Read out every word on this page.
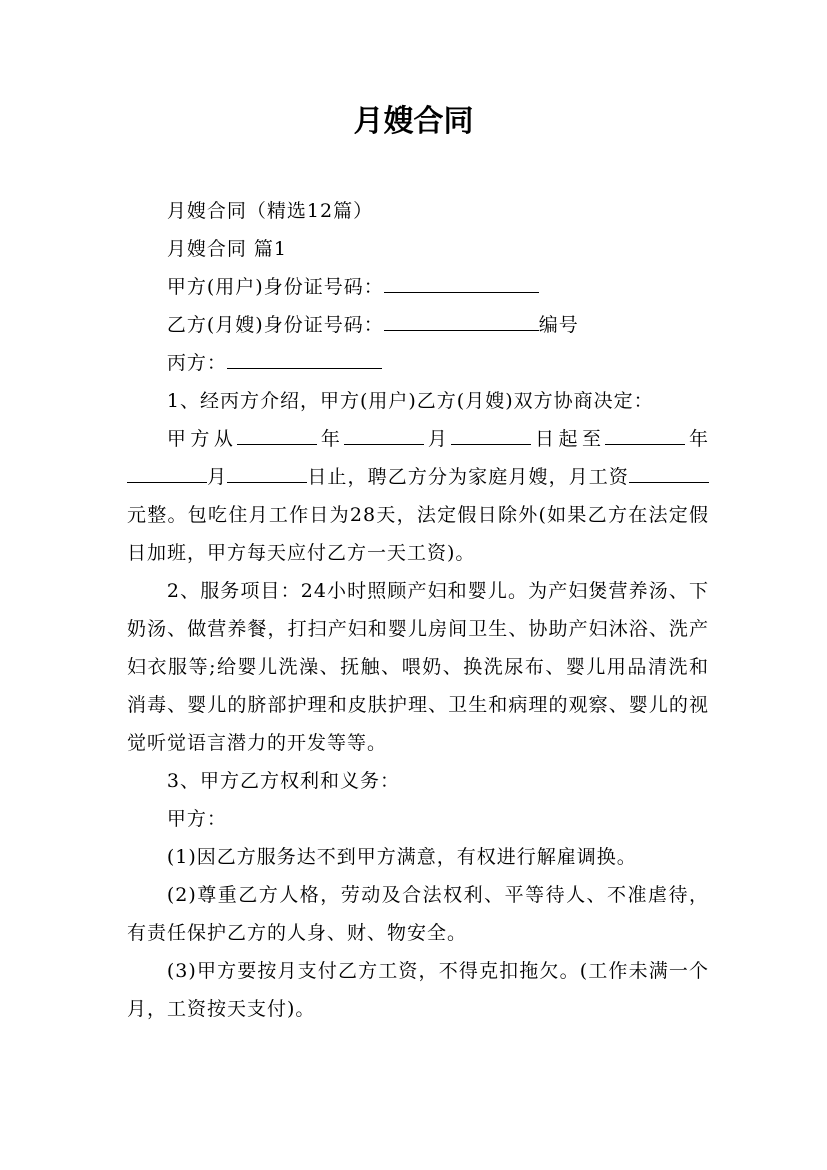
月嫂合同

月嫂合同（精选12篇）

月嫂合同 篇1

甲方(用户)身份证号码：

乙方(月嫂)身份证号码：	编号

丙方：

1、经丙方介绍，甲方(用户)乙方(月嫂)双方协商决定：

甲方从	年	月	日起至	年月	日止，聘乙方分为家庭月嫂，月工资元整。包吃住月工作日为28天，法定假日除外(如果乙方在法定假日加班，甲方每天应付乙方一天工资)。

2、服务项目：24小时照顾产妇和婴儿。为产妇煲营养汤、下奶汤、做营养餐，打扫产妇和婴儿房间卫生、协助产妇沐浴、洗产妇衣服等;给婴儿洗澡、抚触、喂奶、换洗尿布、婴儿用品清洗和消毒、婴儿的脐部护理和皮肤护理、卫生和病理的观察、婴儿的视觉听觉语言潜力的开发等等。

3、甲方乙方权利和义务：

甲方：

(1)因乙方服务达不到甲方满意，有权进行解雇调换。

(2)尊重乙方人格，劳动及合法权利、平等待人、不准虐待，有责任保护乙方的人身、财、物安全。

(3)甲方要按月支付乙方工资，不得克扣拖欠。(工作未满一个月，工资按天支付)。
